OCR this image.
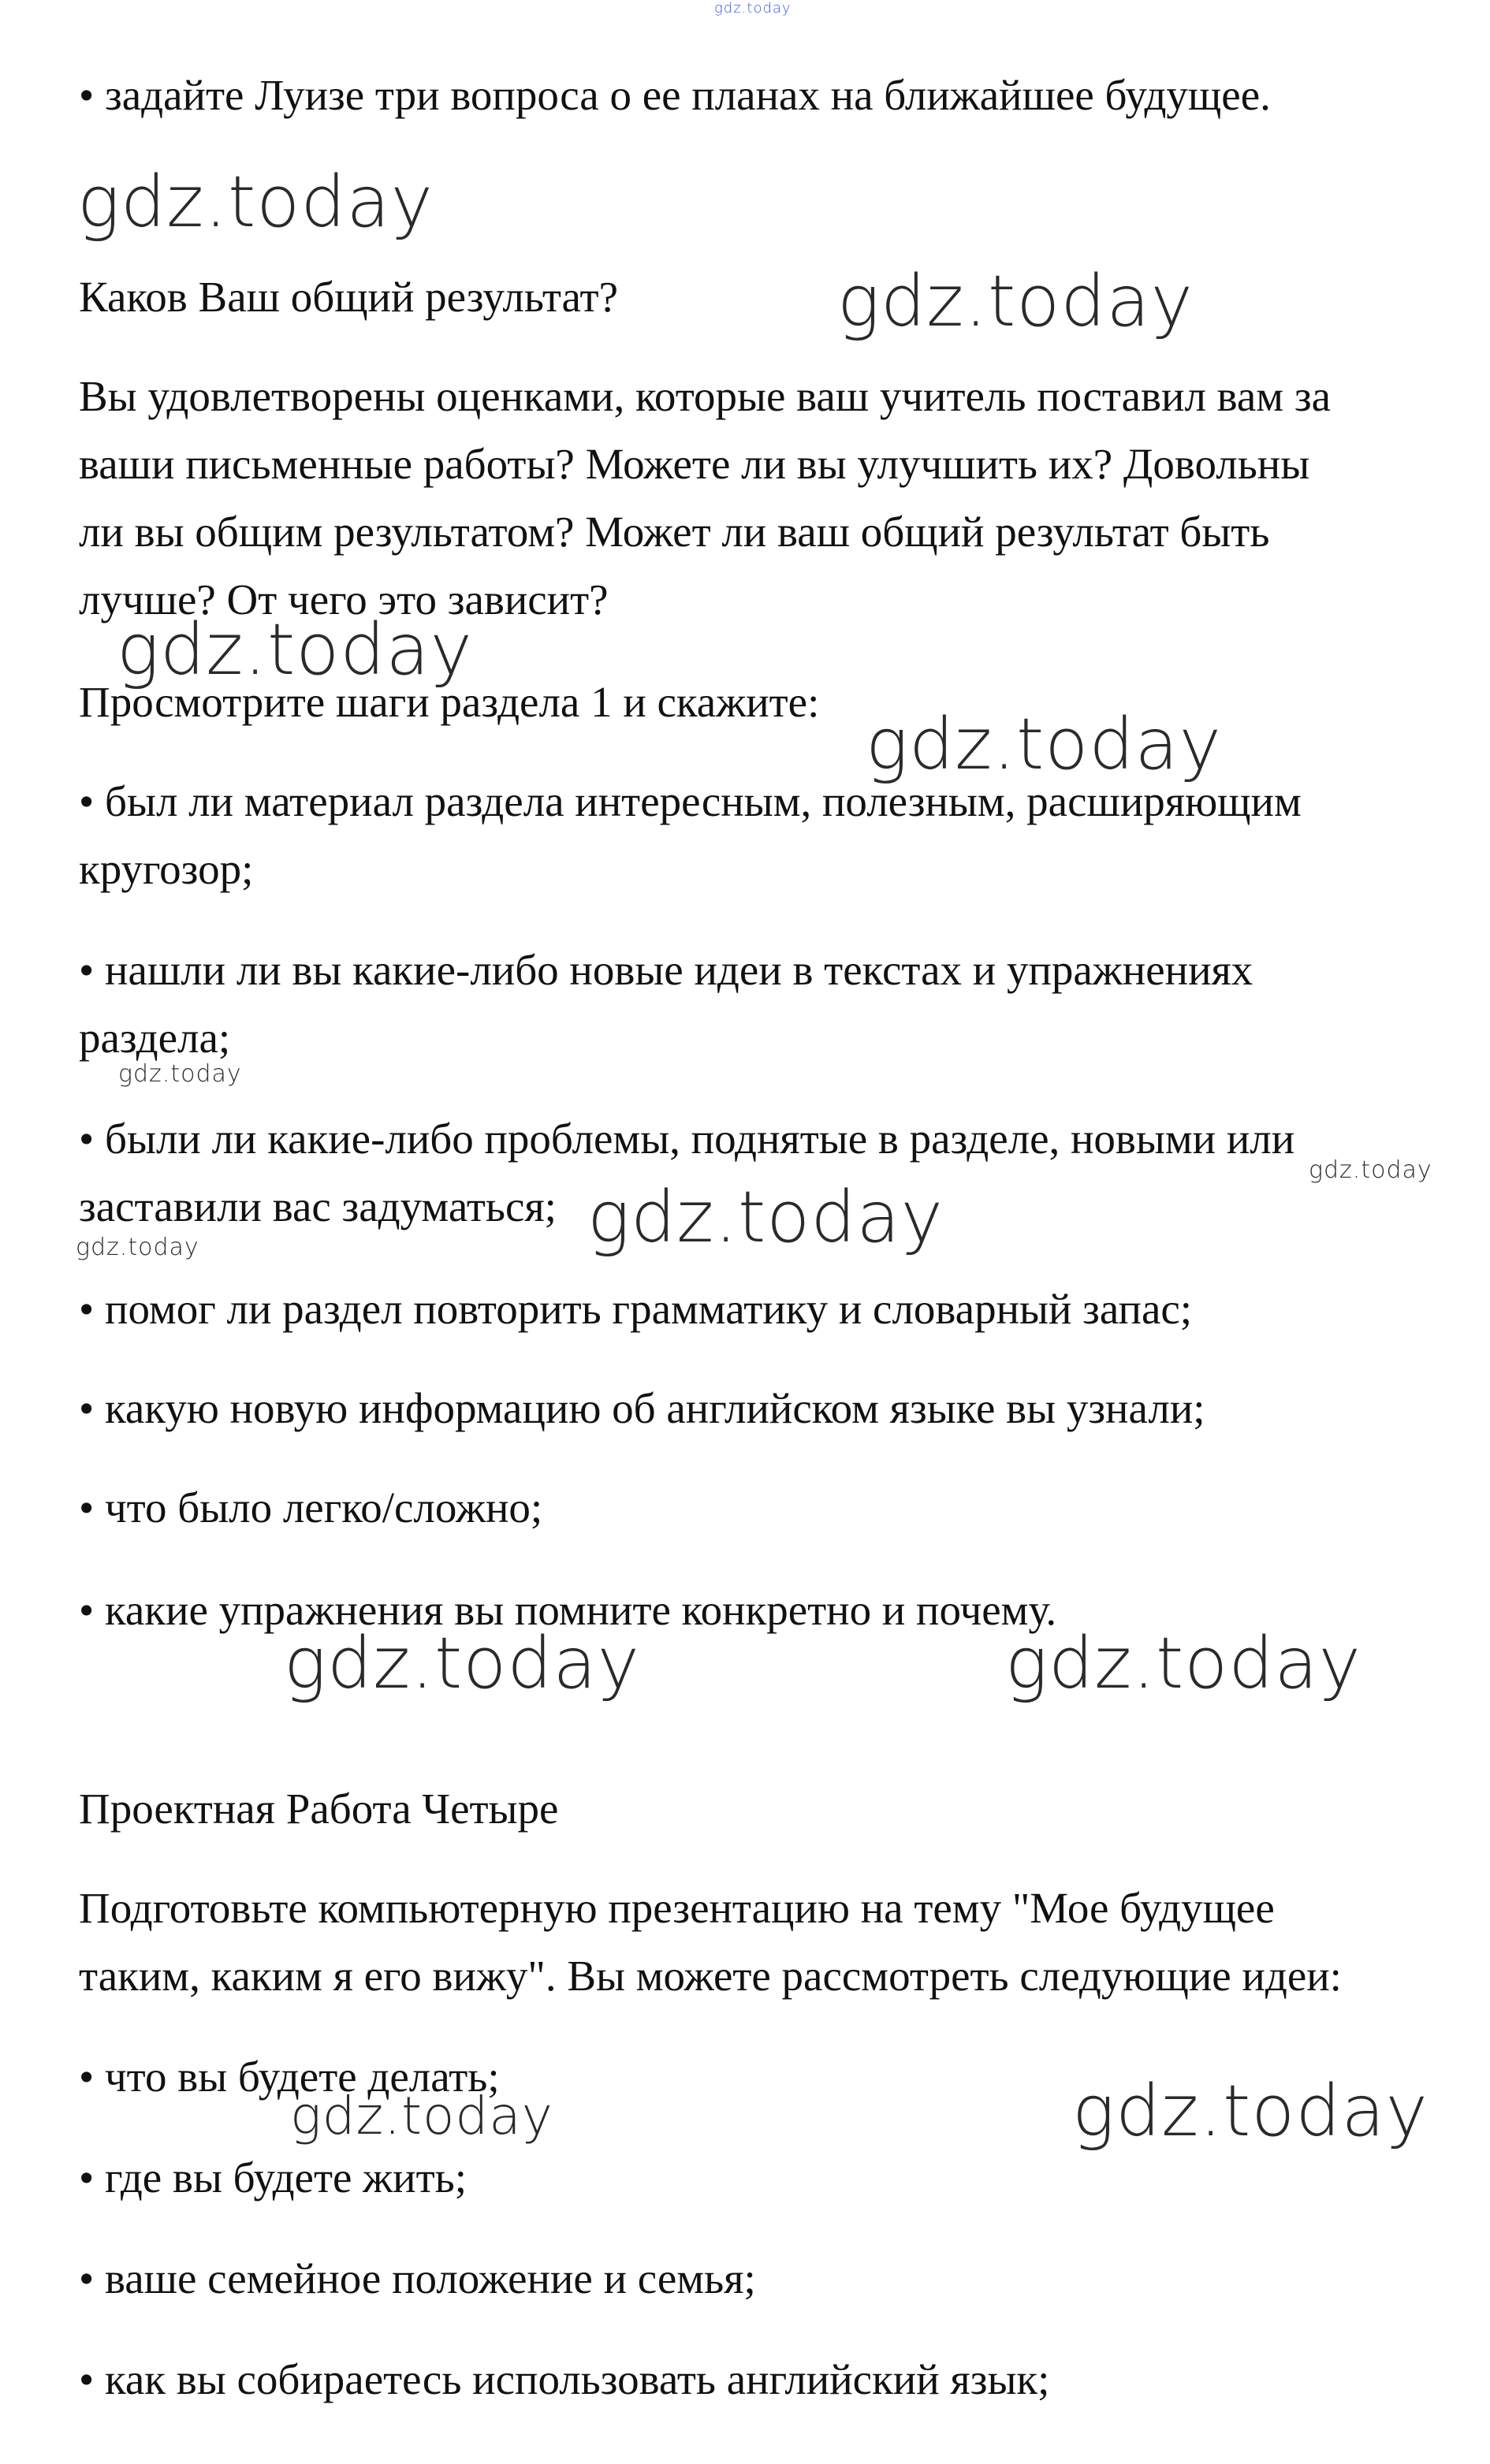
• задайте Луизе три вопроса о ее планах на ближайшее будущее.
Каков Ваш общий результат?
Вы удовлетворены оценками, которые ваш учитель поставил вам за
ваши письменные работы? Можете ли вы улучшить их? Довольны
ли вы общим результатом? Может ли ваш общий результат быть
лучше? От чего это зависит?
Просмотрите шаги раздела 1 и скажите:
• был ли материал раздела интересным, полезным, расширяющим
кругозор;
• нашли ли вы какие-либо новые идеи в текстах и упражнениях
раздела;
• были ли какие-либо проблемы, поднятые в разделе, новыми или
заставили вас задуматься;
• помог ли раздел повторить грамматику и словарный запас;
• какую новую информацию об английском языке вы узнали;
• что было легко/сложно;
• какие упражнения вы помните конкретно и почему.
Проектная Работа Четыре
Подготовьте компьютерную презентацию на тему "Мое будущее
таким, каким я его вижу". Вы можете рассмотреть следующие идеи:
• что вы будете делать;
• где вы будете жить;
• ваше семейное положение и семья;
• как вы собираетесь использовать английский язык;
gdz.today
gdz.today
gdz.today
gdz.today
gdz.today
gdz.today
gdz.today
gdz.today
gdz.today
gdz.today	gdz.today
gdz.today	gdz.today
